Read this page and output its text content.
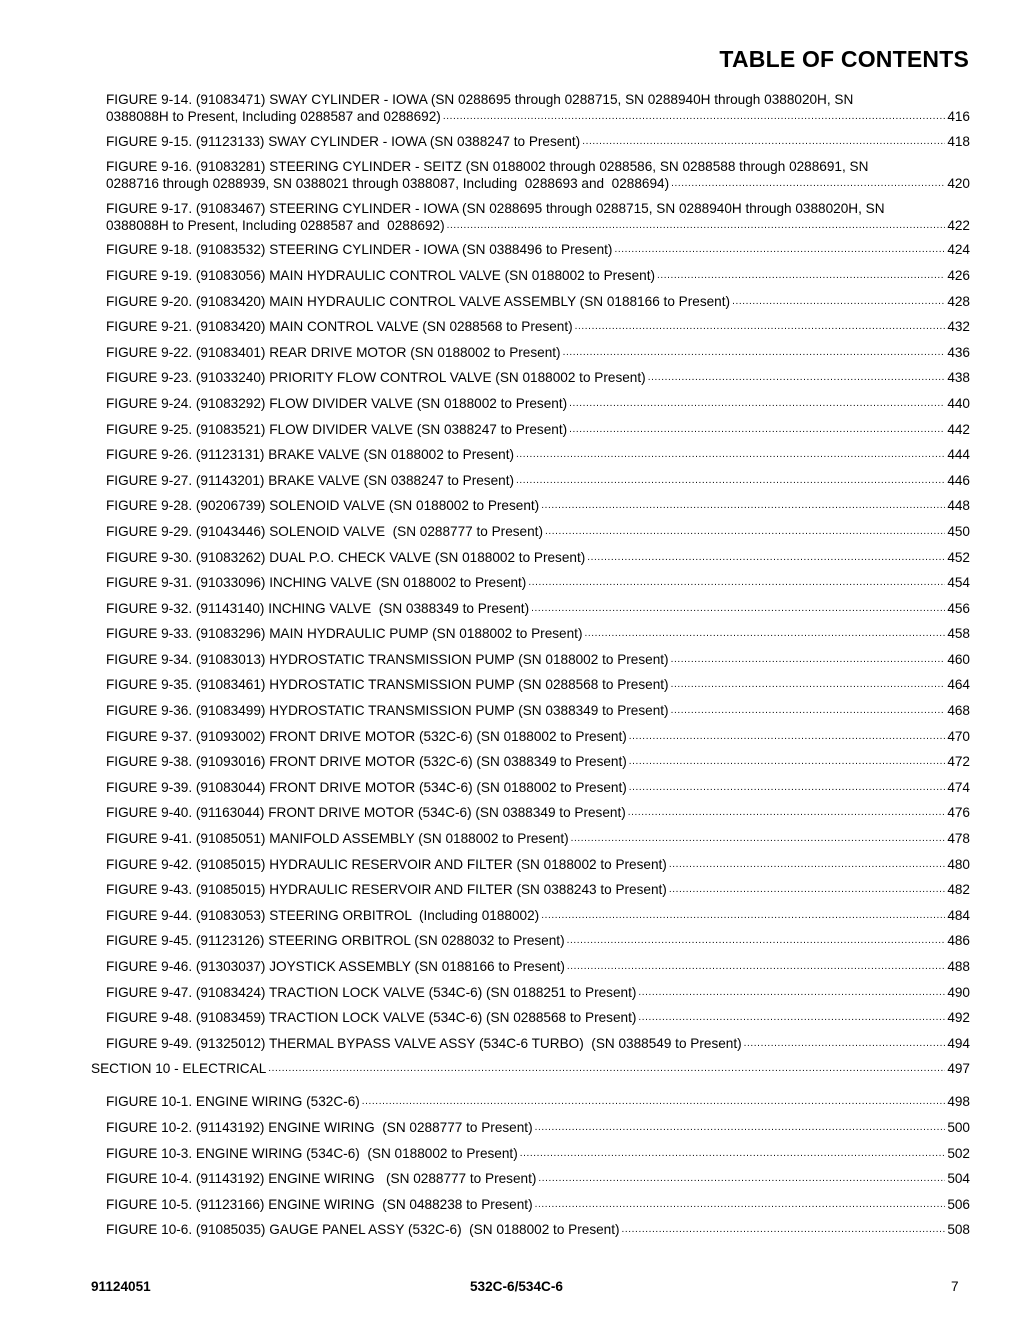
TABLE OF CONTENTS
FIGURE 9-14. (91083471) SWAY CYLINDER - IOWA (SN 0288695 through 0288715, SN 0288940H through 0388020H, SN
0388088H to Present, Including 0288587 and 0288692) .....	416
FIGURE 9-15. (91123133) SWAY CYLINDER - IOWA (SN 0388247 to Present) .....	418
FIGURE 9-16. (91083281) STEERING CYLINDER - SEITZ (SN 0188002 through 0288586, SN 0288588 through 0288691, SN
0288716 through 0288939, SN 0388021 through 0388087, Including  0288693 and  0288694) .....	420
FIGURE 9-17. (91083467) STEERING CYLINDER - IOWA (SN 0288695 through 0288715, SN 0288940H through 0388020H, SN
0388088H to Present, Including 0288587 and  0288692) .....	422
FIGURE 9-18. (91083532) STEERING CYLINDER - IOWA (SN 0388496 to Present) .....	424
FIGURE 9-19. (91083056) MAIN HYDRAULIC CONTROL VALVE (SN 0188002 to Present) .....	426
FIGURE 9-20. (91083420) MAIN HYDRAULIC CONTROL VALVE ASSEMBLY (SN 0188166 to Present) .....	428
FIGURE 9-21. (91083420) MAIN CONTROL VALVE (SN 0288568 to Present) .....	432
FIGURE 9-22. (91083401) REAR DRIVE MOTOR (SN 0188002 to Present) .....	436
FIGURE 9-23. (91033240) PRIORITY FLOW CONTROL VALVE (SN 0188002 to Present) .....	438
FIGURE 9-24. (91083292) FLOW DIVIDER VALVE (SN 0188002 to Present) .....	440
FIGURE 9-25. (91083521) FLOW DIVIDER VALVE (SN 0388247 to Present) .....	442
FIGURE 9-26. (91123131) BRAKE VALVE (SN 0188002 to Present) .....	444
FIGURE 9-27. (91143201) BRAKE VALVE (SN 0388247 to Present) .....	446
FIGURE 9-28. (90206739) SOLENOID VALVE (SN 0188002 to Present) .....	448
FIGURE 9-29. (91043446) SOLENOID VALVE  (SN 0288777 to Present) .....	450
FIGURE 9-30. (91083262) DUAL P.O. CHECK VALVE (SN 0188002 to Present) .....	452
FIGURE 9-31. (91033096) INCHING VALVE (SN 0188002 to Present) .....	454
FIGURE 9-32. (91143140) INCHING VALVE  (SN 0388349 to Present) .....	456
FIGURE 9-33. (91083296) MAIN HYDRAULIC PUMP (SN 0188002 to Present) .....	458
FIGURE 9-34. (91083013) HYDROSTATIC TRANSMISSION PUMP (SN 0188002 to Present) .....	460
FIGURE 9-35. (91083461) HYDROSTATIC TRANSMISSION PUMP (SN 0288568 to Present) .....	464
FIGURE 9-36. (91083499) HYDROSTATIC TRANSMISSION PUMP (SN 0388349 to Present) .....	468
FIGURE 9-37. (91093002) FRONT DRIVE MOTOR (532C-6) (SN 0188002 to Present) .....	470
FIGURE 9-38. (91093016) FRONT DRIVE MOTOR (532C-6) (SN 0388349 to Present) .....	472
FIGURE 9-39. (91083044) FRONT DRIVE MOTOR (534C-6) (SN 0188002 to Present) .....	474
FIGURE 9-40. (91163044) FRONT DRIVE MOTOR (534C-6) (SN 0388349 to Present) .....	476
FIGURE 9-41. (91085051) MANIFOLD ASSEMBLY (SN 0188002 to Present) .....	478
FIGURE 9-42. (91085015) HYDRAULIC RESERVOIR AND FILTER (SN 0188002 to Present) .....	480
FIGURE 9-43. (91085015) HYDRAULIC RESERVOIR AND FILTER (SN 0388243 to Present) .....	482
FIGURE 9-44. (91083053) STEERING ORBITROL  (Including 0188002) .....	484
FIGURE 9-45. (91123126) STEERING ORBITROL (SN 0288032 to Present) .....	486
FIGURE 9-46. (91303037) JOYSTICK ASSEMBLY (SN 0188166 to Present) .....	488
FIGURE 9-47. (91083424) TRACTION LOCK VALVE (534C-6) (SN 0188251 to Present) .....	490
FIGURE 9-48. (91083459) TRACTION LOCK VALVE (534C-6) (SN 0288568 to Present) .....	492
FIGURE 9-49. (91325012) THERMAL BYPASS VALVE ASSY (534C-6 TURBO)  (SN 0388549 to Present) .....	494
SECTION 10 - ELECTRICAL .....	497
FIGURE 10-1. ENGINE WIRING (532C-6) .....	498
FIGURE 10-2. (91143192) ENGINE WIRING  (SN 0288777 to Present) .....	500
FIGURE 10-3. ENGINE WIRING (534C-6)  (SN 0188002 to Present) .....	502
FIGURE 10-4. (91143192) ENGINE WIRING   (SN 0288777 to Present) .....	504
FIGURE 10-5. (91123166) ENGINE WIRING  (SN 0488238 to Present) .....	506
FIGURE 10-6. (91085035) GAUGE PANEL ASSY (532C-6)  (SN 0188002 to Present) .....	508
91124051	532C-6/534C-6	7
